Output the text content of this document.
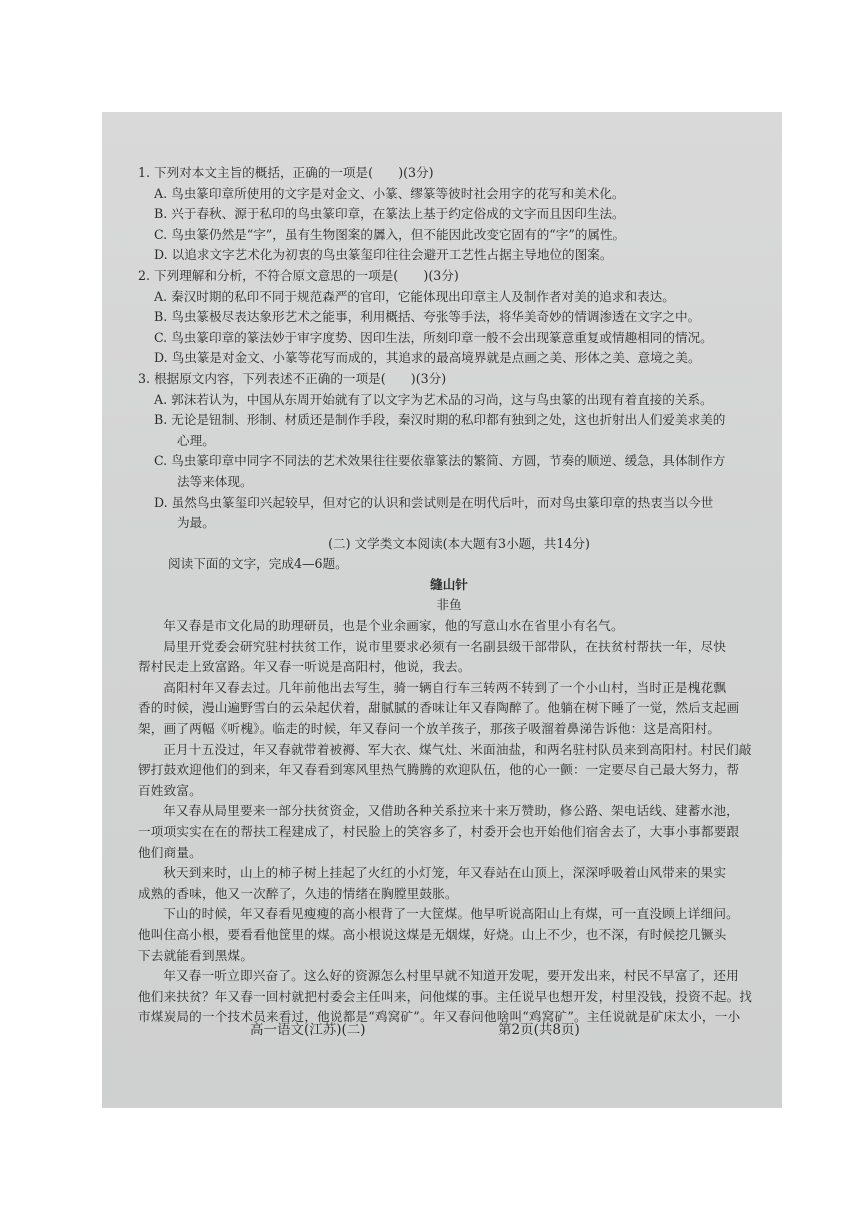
1. 下列对本文主旨的概括，正确的一项是(　　)(3分)

A. 鸟虫篆印章所使用的文字是对金文、小篆、缪篆等彼时社会用字的花写和美术化。

B. 兴于春秋、源于私印的鸟虫篆印章，在篆法上基于约定俗成的文字而且因印生法。

C. 鸟虫篆仍然是“字”，虽有生物图案的羼入，但不能因此改变它固有的“字”的属性。

D. 以追求文字艺术化为初衷的鸟虫篆玺印往往会避开工艺性占据主导地位的图案。

2. 下列理解和分析，不符合原文意思的一项是(　　)(3分)

A. 秦汉时期的私印不同于规范森严的官印，它能体现出印章主人及制作者对美的追求和表达。

B. 鸟虫篆极尽表达象形艺术之能事，利用概括、夸张等手法，将华美奇妙的情调渗透在文字之中。

C. 鸟虫篆印章的篆法妙于审字度势、因印生法，所刻印章一般不会出现篆意重复或情趣相同的情况。

D. 鸟虫篆是对金文、小篆等花写而成的，其追求的最高境界就是点画之美、形体之美、意境之美。

3. 根据原文内容，下列表述不正确的一项是(　　)(3分)

A. 郭沫若认为，中国从东周开始就有了以文字为艺术品的习尚，这与鸟虫篆的出现有着直接的关系。

B. 无论是钮制、形制、材质还是制作手段，秦汉时期的私印都有独到之处，这也折射出人们爱美求美的

心理。

C. 鸟虫篆印章中同字不同法的艺术效果往往要依靠篆法的繁简、方圆，节奏的顺逆、缓急，具体制作方

法等来体现。

D. 虽然鸟虫篆玺印兴起较早，但对它的认识和尝试则是在明代后叶，而对鸟虫篆印章的热衷当以今世

为最。

(二) 文学类文本阅读(本大题有3小题，共14分)

阅读下面的文字，完成4—6题。

缝山针

非鱼

年又春是市文化局的助理研员，也是个业余画家，他的写意山水在省里小有名气。

局里开党委会研究驻村扶贫工作，说市里要求必须有一名副县级干部带队，在扶贫村帮扶一年，尽快

帮村民走上致富路。年又春一听说是高阳村，他说，我去。

高阳村年又春去过。几年前他出去写生，骑一辆自行车三转两不转到了一个小山村，当时正是槐花飘

香的时候，漫山遍野雪白的云朵起伏着，甜腻腻的香味让年又春陶醉了。他躺在树下睡了一觉，然后支起画

架，画了两幅《听槐》。临走的时候，年又春问一个放羊孩子，那孩子吸溜着鼻涕告诉他：这是高阳村。

正月十五没过，年又春就带着被褥、军大衣、煤气灶、米面油盐，和两名驻村队员来到高阳村。村民们敲

锣打鼓欢迎他们的到来，年又春看到寒风里热气腾腾的欢迎队伍，他的心一颤：一定要尽自己最大努力，帮

百姓致富。

年又春从局里要来一部分扶贫资金，又借助各种关系拉来十来万赞助，修公路、架电话线、建蓄水池，

一项项实实在在的帮扶工程建成了，村民脸上的笑容多了，村委开会也开始他们宿舍去了，大事小事都要跟

他们商量。

秋天到来时，山上的柿子树上挂起了火红的小灯笼，年又春站在山顶上，深深呼吸着山风带来的果实

成熟的香味，他又一次醉了，久违的情绪在胸膛里鼓胀。

下山的时候，年又春看见瘦瘦的高小根背了一大筐煤。他早听说高阳山上有煤，可一直没顾上详细问。

他叫住高小根，要看看他筐里的煤。高小根说这煤是无烟煤，好烧。山上不少，也不深，有时候挖几镢头

下去就能看到黑煤。

年又春一听立即兴奋了。这么好的资源怎么村里早就不知道开发呢，要开发出来，村民不早富了，还用

他们来扶贫？年又春一回村就把村委会主任叫来，问他煤的事。主任说早也想开发，村里没钱，投资不起。找

市煤炭局的一个技术员来看过，他说都是“鸡窝矿”。年又春问他啥叫“鸡窝矿”。主任说就是矿床太小，一小

高一语文(江苏)(二)	第2页(共8页)
